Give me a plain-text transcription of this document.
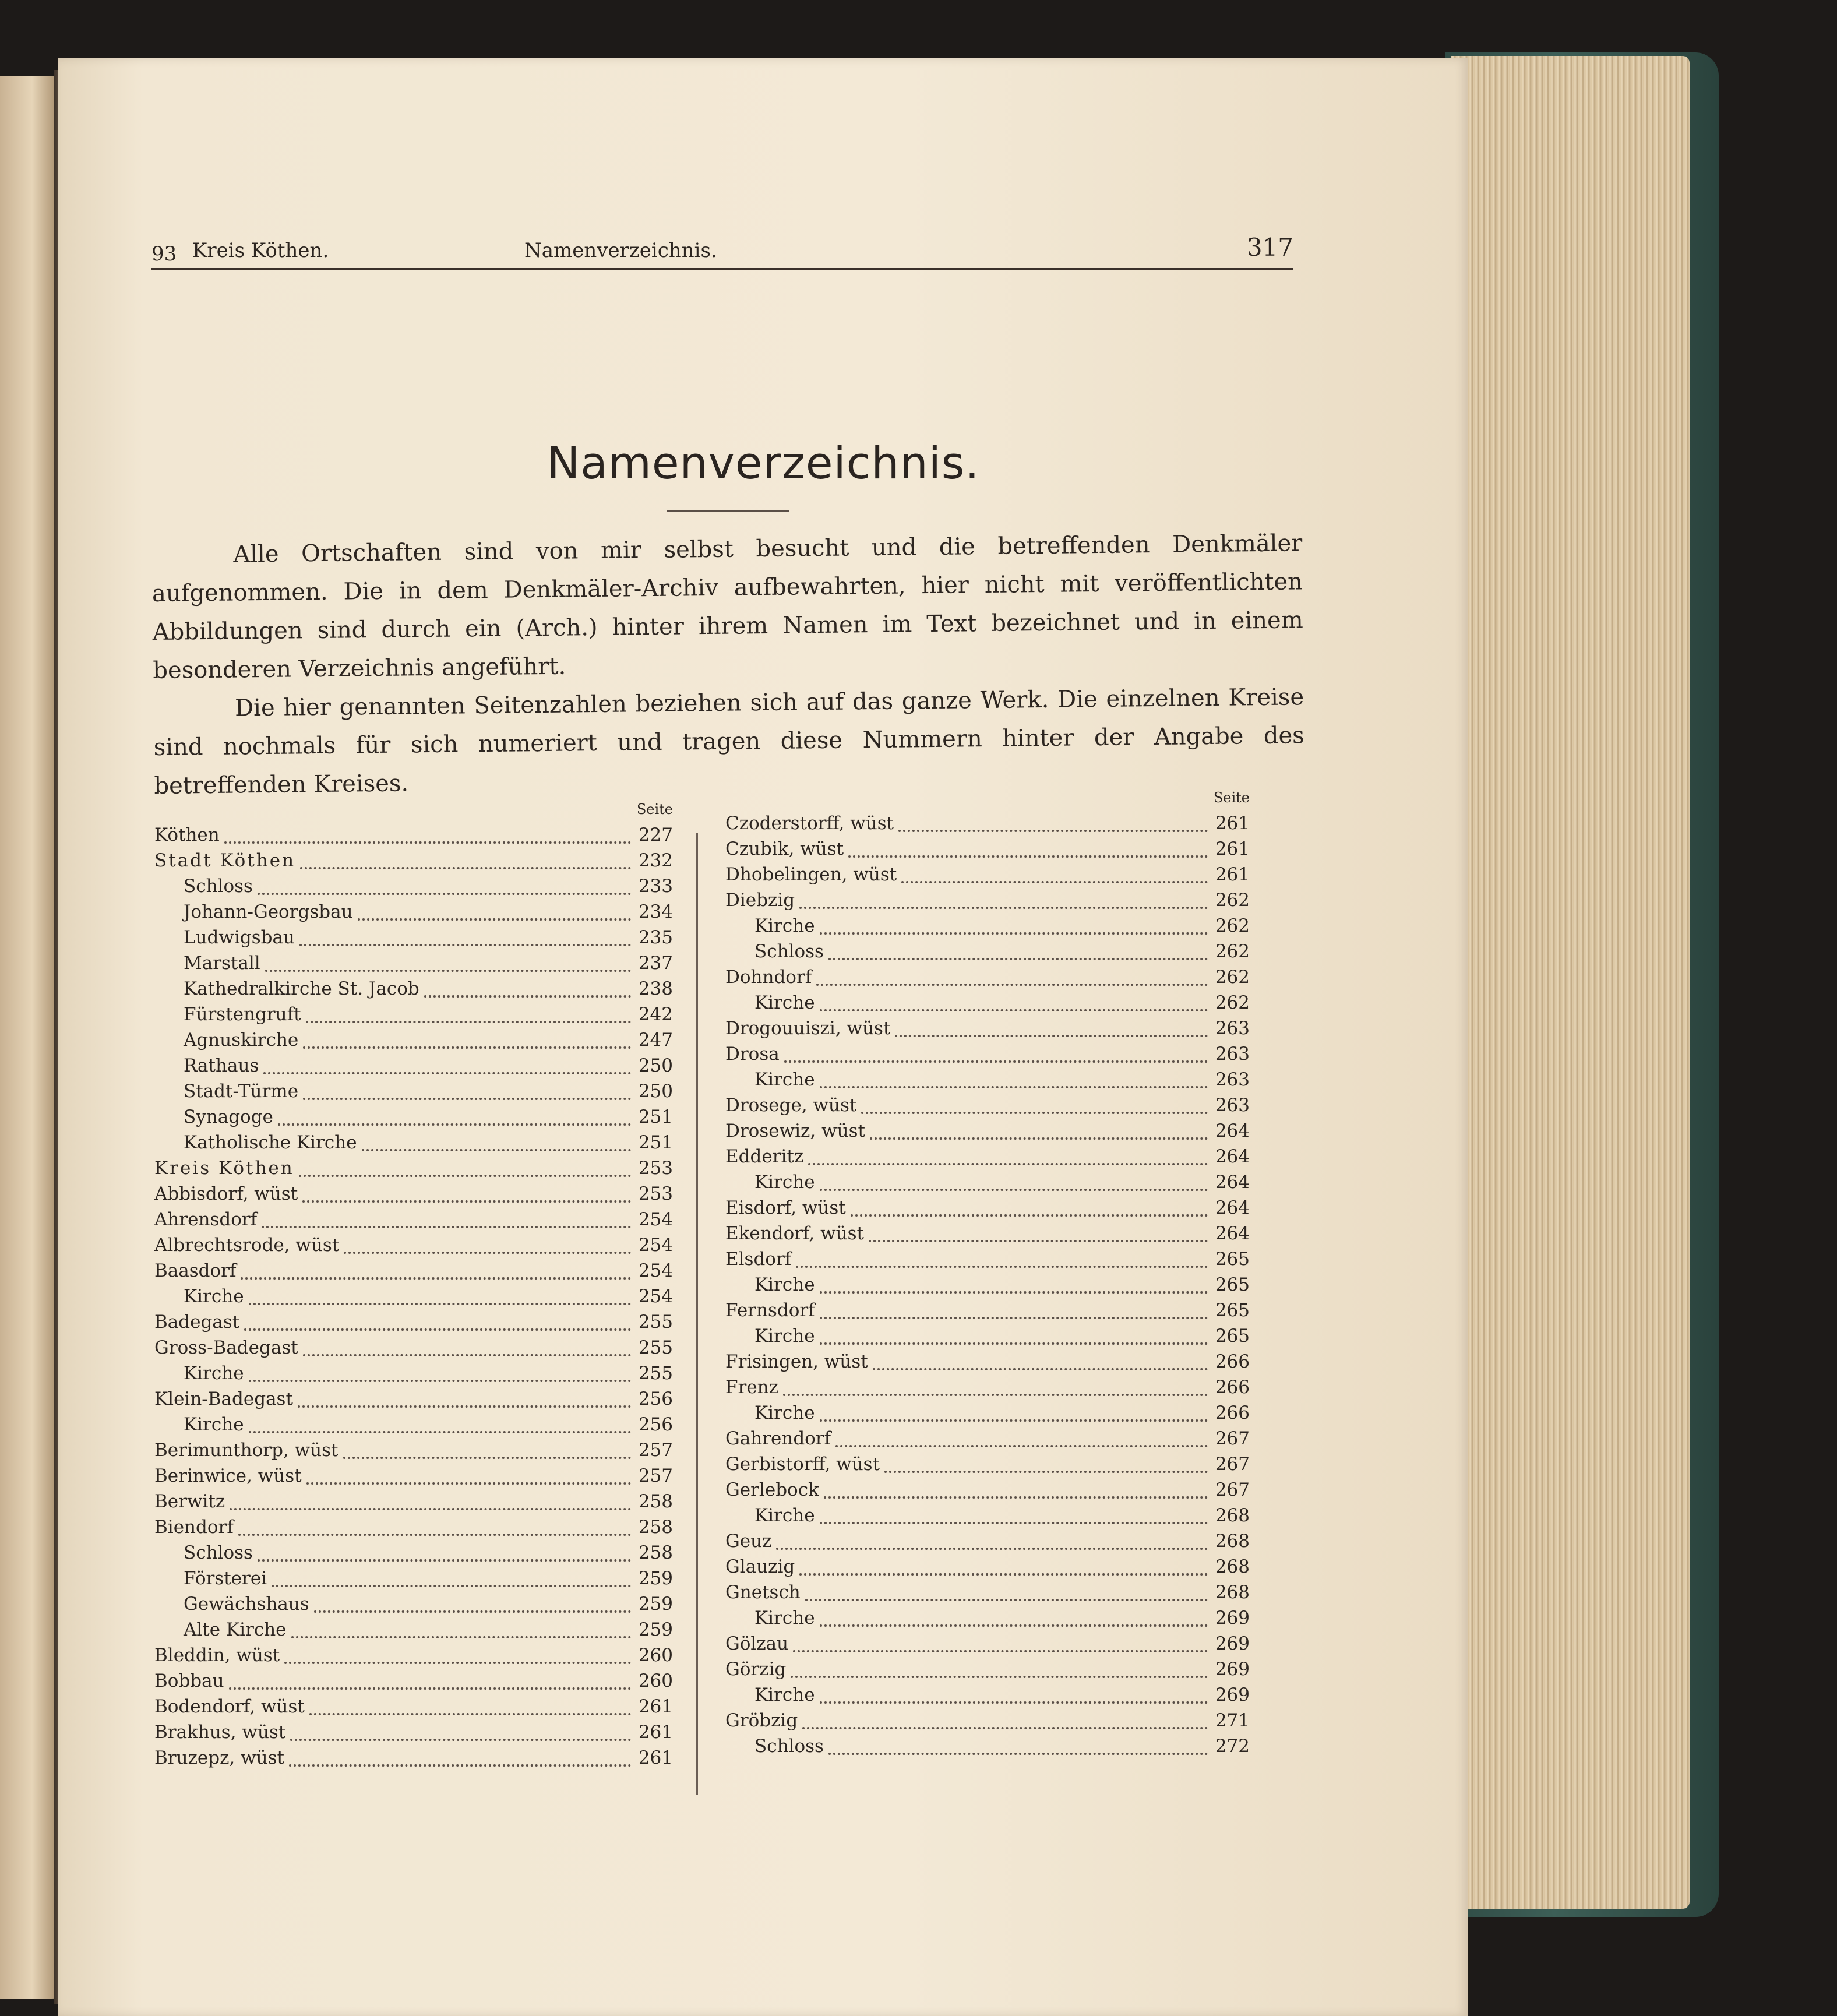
93 Kreis Köthen.	Namenverzeichnis.	317
Namenverzeichnis.

Alle Ortschaften sind von mir selbst besucht und die betreffenden Denkmäler aufgenommen. Die in dem Denkmäler-Archiv aufbewahrten, hier nicht mit veröffentlichten Abbildungen sind durch ein (Arch.) hinter ihrem Namen im Text bezeichnet und in einem besonderen Verzeichnis angeführt.

Die hier genannten Seitenzahlen beziehen sich auf das ganze Werk. Die einzelnen Kreise sind nochmals für sich numeriert und tragen diese Nummern hinter der Angabe des betreffenden Kreises.

Seite
Köthen	227
Stadt Köthen	232
Schloss	233
Johann-Georgsbau	234
Ludwigsbau	235
Marstall	237
Kathedralkirche St. Jacob	238
Fürstengruft	242
Agnuskirche	247
Rathaus	250
Stadt-Türme	250
Synagoge	251
Katholische Kirche	251
Kreis Köthen	253
Abbisdorf, wüst	253
Ahrensdorf	254
Albrechtsrode, wüst	254
Baasdorf	254
Kirche	254
Badegast	255
Gross-Badegast	255
Kirche	255
Klein-Badegast	256
Kirche	256
Berimunthorp, wüst	257
Berinwice, wüst	257
Berwitz	258
Biendorf	258
Schloss	258
Försterei	259
Gewächshaus	259
Alte Kirche	259
Bleddin, wüst	260
Bobbau	260
Bodendorf, wüst	261
Brakhus, wüst	261
Bruzepz, wüst	261
Seite
Czoderstorff, wüst	261
Czubik, wüst	261
Dhobelingen, wüst	261
Diebzig	262
Kirche	262
Schloss	262
Dohndorf	262
Kirche	262
Drogouuiszi, wüst	263
Drosa	263
Kirche	263
Drosege, wüst	263
Drosewiz, wüst	264
Edderitz	264
Kirche	264
Eisdorf, wüst	264
Ekendorf, wüst	264
Elsdorf	265
Kirche	265
Fernsdorf	265
Kirche	265
Frisingen, wüst	266
Frenz	266
Kirche	266
Gahrendorf	267
Gerbistorff, wüst	267
Gerlebock	267
Kirche	268
Geuz	268
Glauzig	268
Gnetsch	268
Kirche	269
Gölzau	269
Görzig	269
Kirche	269
Gröbzig	271
Schloss	272
